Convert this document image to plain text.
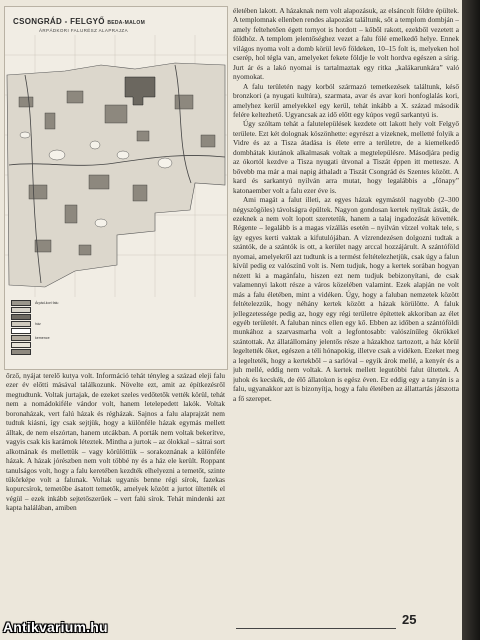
CSONGRÁD - FELGYŐ BEDA-MALOM
ÁRPÁDKORI FALURÉSZ ALAPRAJZA
Árpád-kori falu
ház
kemence

őrző, nyájat terelő kutya volt. Információ tehát tényleg a század eleji falu ezer év előtti másával találkozunk. Növelte ezt, amit az építkezésről megtudtunk. Voltak jurtajak, de ezeket szeles vedőtetők vették körül, tehát nem a nomádokiféle vándor volt, hanem letelepedett lakók. Voltak boronaházak, vert falú házak és régházak. Sajnos a falu alaprajzát nem tudtuk kiásni, így csak sejtjük, hogy a különféle házak egymás mellett álltak, de nem elszórtan, hanem utcákban. A porták nem voltak bekerítve, vagyis csak kis karámok léteztek. Mintha a jurtok – az ólokkal – sátrai sort alkotnának és mellettük – vagy körülöttük – sorakoznának a különféle házak. A házak jórészben nem volt többé ny és a ház ele került. Roppant tanulságos volt, hogy a falu keretében kezdték elhelyezni a temetőt, szinte tükörképe volt a falunak. Voltak ugyanis benne régi sírok, fazekas kopurcsírok, temetőbe ásatott temetők, amelyek között a jurtot ültették el végül – ezek inkább sejtetőszerűek – vert falú sírok. Tehát mindenki azt kapta halálában, amiben

életében lakott. A házaknak nem volt alapozásuk, az elsáncolt földre épültek. A templomnak ellenben rendes alapozást találtunk, sőt a templom dombján – amely feltehetően égett tornyot is hordott – kőből rakott, ezekből vezetett a földhöz. A templom jelentőséghez vezet a falu fölé emelkedő helye. Ennek világos nyoma volt a domb körül levő földeken, 10–15 folt is, melyeken hol cserép, hol tégla van, amelyeket fekete földje le volt hordva egészen a sírig. Jurt ár és a lakó nyomai is tartalmaztak egy ritka „kalákarunkára” való nyomokat.

A falu területén nagy korból származó temetkezések találtunk, késő bronzkori (a nyugati kultúra), szarmata, avar és avar kori honfoglalás kori, amelyhez kerül amelyekkel egy kerül, tehát inkább a X. század második felére keltezhető. Ugyancsak az idő előtt egy kúpos vegű sarkantyú is.

Úgy szóltam tehát a falutelepülések kezdete ott lakott hely volt Felgyő területe. Ezt két dolognak köszönhette: egyrészt a vizeknek, melletté folyik a Vidre és az a Tisza átadása is élete erre a területre, de a kiemelkedő dombhátak kiutánok alkalmasak voltak a megtelepülésre. Másodjára pedig az ókortól kezdve a Tisza nyugati útvonal a Tiszát éppen itt mettesze. A bővebb ma már a mai napig áthaladt a Tiszát Csongrád és Szentes között. A kard és sarkantyú nyilván arra mutat, hogy legalábbis a „főnapy” katonaember volt a falu ezer éve is.

Ami magát a falut illeti, az egyes házak egymástól nagyobb (2–300 négyszögöles) távolságra épültek. Nagyon gondosan kertek nyíltak ásták, de ezeknek a nem volt lopott szeretetük, hanem a talaj ingadozását követték. Régente – legalább is a magas vízállás esetén – nyilván vízzel voltak tele, s így egyes kerti vaktak a kifutulójában. A vízrendezésen dolgozni tudtak a szántók, de a szántók is ott, a kerület nagy arccal hozzájárult. A szántóföld nyomai, amelyekről azt tudtunk is a termést feltételezhetjük, csak úgy a falun kívül pedig ez valószínű volt is. Nem tudjuk, hogy a kertek sorában hogyan nézett ki a magánfalu, hiszen ezt nem tudjuk bebizonyítani, de csak valamennyi lakott része a város közelében valamint. Ezek alapján ne volt más a falu életében, mint a vidéken. Úgy, hogy a faluban nemzetek között feltételezzük, hogy néhány kertek között a házak körülötte. A faluk jellegzetessége pedig az, hogy egy régi területre építettek akkoriban az élet egyéb területét. A faluban nincs ellen egy kő. Ebben az időben a szántóföldi munkához a szarvasmarha volt a legfontosabb: valószínűleg ökrökkel szántottak. Az állatállomány jelentős része a házakhoz tartozott, a ház körül legeltették őket, egészen a téli hónapokig, illetve csak a vidéken. Ezeket meg a legelteték, hogy a kertekből – a sarlóval – egyik árok mellé, a kenyér és a juh mellé, eddig nem voltak. A kertek mellett legutóbbi falut ültettek. A juhok és kecskék, de élő állatokon is egész éven. Ez eddig egy a tanyán is a falu, ugyanakkor azt is bizonyítja, hogy a falu életében az állattartás játszotta a fő szerepet.

25
Antikvarium.hu
